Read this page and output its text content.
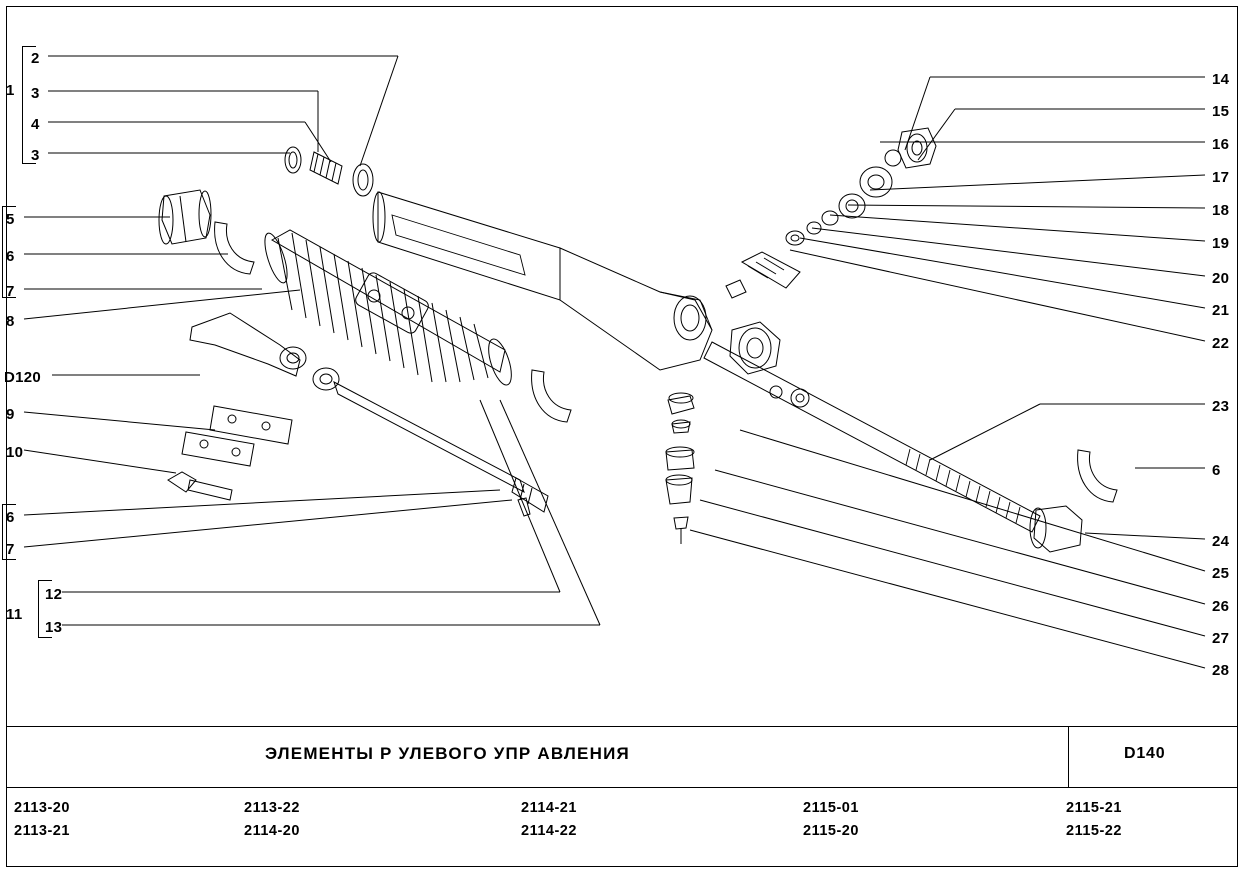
1
2
3
4
3
5
6
7
8
D120
9
10
6
7
11
12
13
14
15
16
17
18
19
20
21
22
23
6
24
25
26
27
28
ЭЛЕМЕНТЫ Р УЛЕВОГО УПР АВЛЕНИЯ	D140
2113-20
2113-21
2113-22
2114-20
2114-21
2114-22
2115-01
2115-20
2115-21
2115-22
